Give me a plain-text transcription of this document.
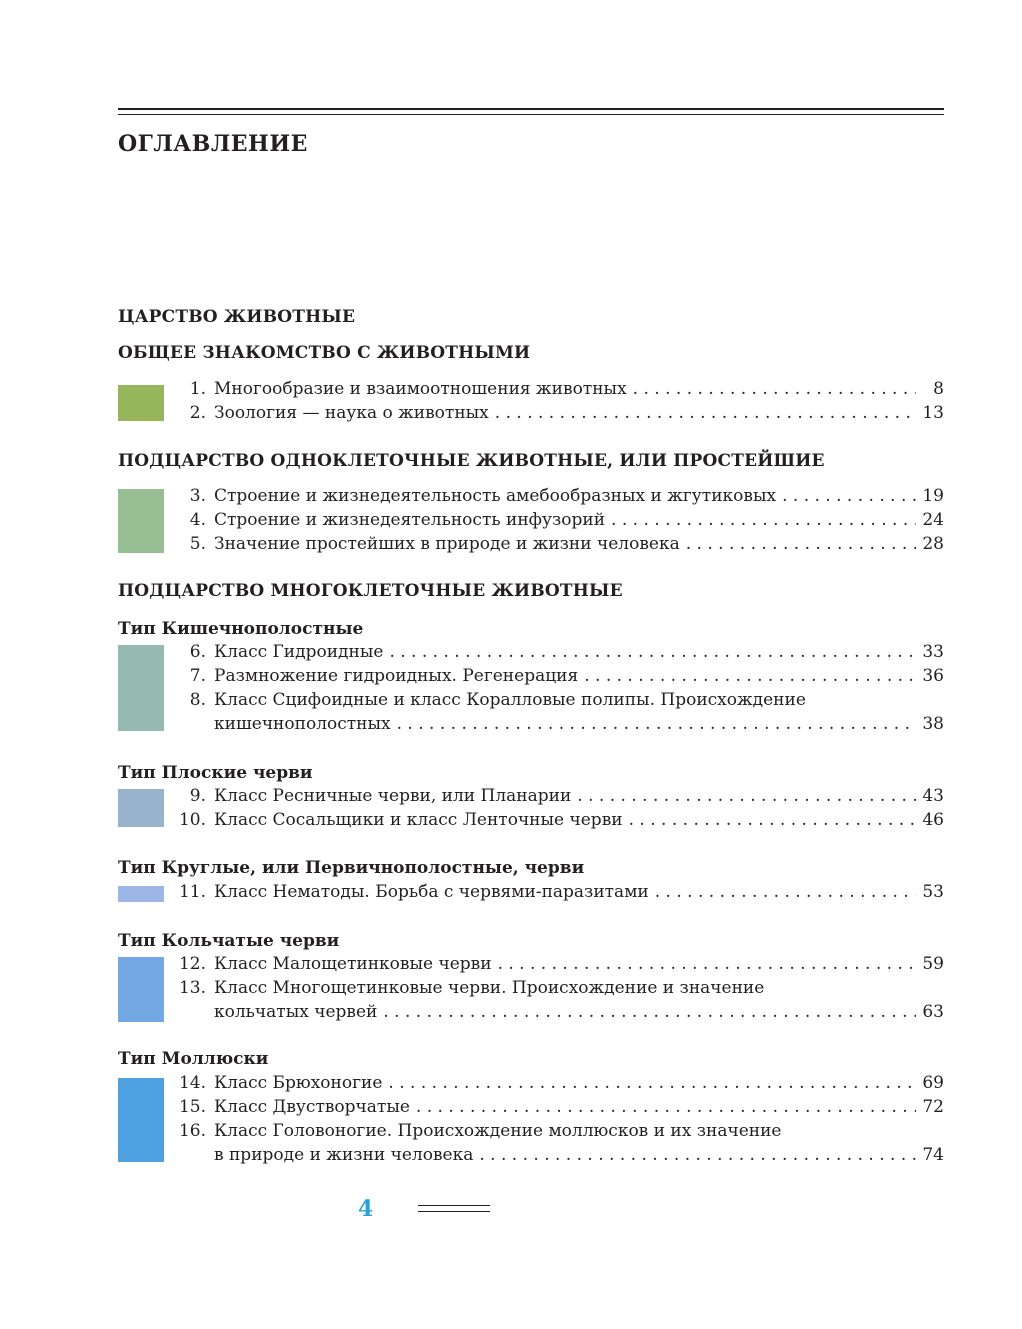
ОГЛАВЛЕНИЕ
ЦАРСТВО ЖИВОТНЫЕ
ОБЩЕЕ ЗНАКОМСТВО С ЖИВОТНЫМИ
1. Многообразие и взаимоотношения животных . . .	8
2. Зоология — наука о животных . . .	13
ПОДЦАРСТВО ОДНОКЛЕТОЧНЫЕ ЖИВОТНЫЕ, ИЛИ ПРОСТЕЙШИЕ
3. Строение и жизнедеятельность амебообразных и жгутиковых . . .	19
4. Строение и жизнедеятельность инфузорий . . .	24
5. Значение простейших в природе и жизни человека . . .	28
ПОДЦАРСТВО МНОГОКЛЕТОЧНЫЕ ЖИВОТНЫЕ
Тип Кишечнополостные
6. Класс Гидроидные . . .	33
7. Размножение гидроидных. Регенерация . . .	36
8. Класс Сцифоидные и класс Коралловые полипы. Происхождение
кишечнополостных . . .	38
Тип Плоские черви
9. Класс Ресничные черви, или Планарии . . .	43
10. Класс Сосальщики и класс Ленточные черви . . .	46
Тип Круглые, или Первичнополостные, черви
11. Класс Нематоды. Борьба с червями-паразитами . . .	53
Тип Кольчатые черви
12. Класс Малощетинковые черви . . .	59
13. Класс Многощетинковые черви. Происхождение и значение
кольчатых червей . . .	63
Тип Моллюски
14. Класс Брюхоногие . . .	69
15. Класс Двустворчатые . . .	72
16. Класс Головоногие. Происхождение моллюсков и их значение
в природе и жизни человека . . .	74
4
